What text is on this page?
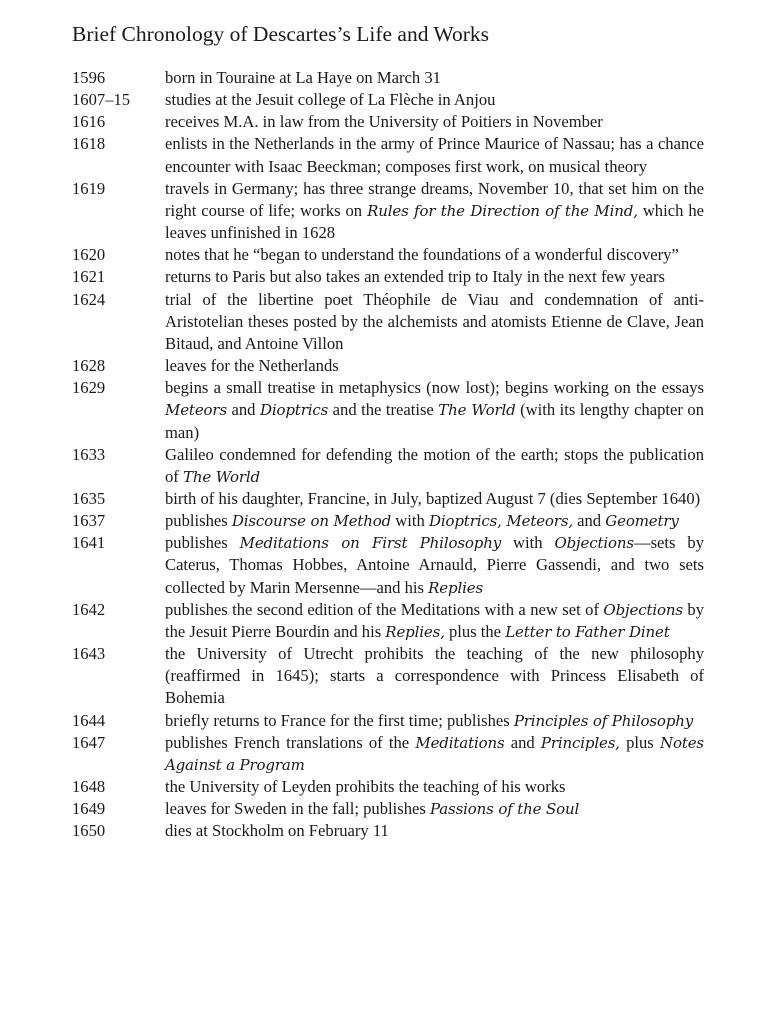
Brief Chronology of Descartes’s Life and Works
1596	born in Touraine at La Haye on March 31
1607–15	studies at the Jesuit college of La Flèche in Anjou
1616	receives M.A. in law from the University of Poitiers in November
1618	enlists in the Netherlands in the army of Prince Maurice of Nassau; has a chance encounter with Isaac Beeckman; composes first work, on musical theory
1619	travels in Germany; has three strange dreams, November 10, that set him on the right course of life; works on Rules for the Direction of the Mind, which he leaves unfinished in 1628
1620	notes that he “began to understand the foundations of a wonderful discovery”
1621	returns to Paris but also takes an extended trip to Italy in the next few years
1624	trial of the libertine poet Théophile de Viau and condemnation of anti-Aristotelian theses posted by the alchemists and atomists Etienne de Clave, Jean Bitaud, and Antoine Villon
1628	leaves for the Netherlands
1629	begins a small treatise in metaphysics (now lost); begins working on the essays Meteors and Dioptrics and the treatise The World (with its lengthy chapter on man)
1633	Galileo condemned for defending the motion of the earth; stops the publication of The World
1635	birth of his daughter, Francine, in July, baptized August 7 (dies September 1640)
1637	publishes Discourse on Method with Dioptrics, Meteors, and Geometry
1641	publishes Meditations on First Philosophy with Objections—sets by Caterus, Thomas Hobbes, Antoine Arnauld, Pierre Gassendi, and two sets collected by Marin Mersenne—and his Replies
1642	publishes the second edition of the Meditations with a new set of Objections by the Jesuit Pierre Bourdin and his Replies, plus the Letter to Father Dinet
1643	the University of Utrecht prohibits the teaching of the new philosophy (reaffirmed in 1645); starts a correspondence with Princess Elisabeth of Bohemia
1644	briefly returns to France for the first time; publishes Principles of Philosophy
1647	publishes French translations of the Meditations and Principles, plus Notes Against a Program
1648	the University of Leyden prohibits the teaching of his works
1649	leaves for Sweden in the fall; publishes Passions of the Soul
1650	dies at Stockholm on February 11
